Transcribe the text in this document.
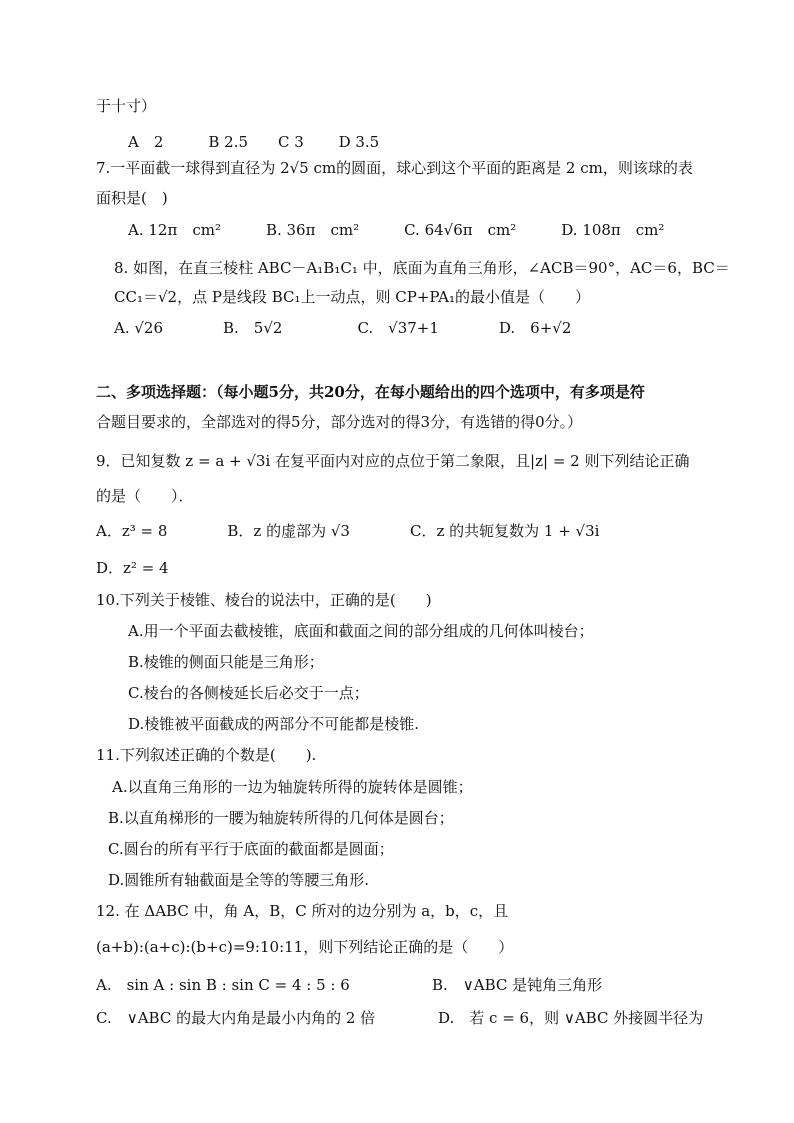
于十寸）
A　2　　　B 2.5　　C 3　　 D 3.5
7.一平面截一球得到直径为 2√5 cm的圆面，球心到这个平面的距离是 2 cm，则该球的表
面积是(　)
A. 12π　cm²　　　B. 36π　cm²　　　C. 64√6π　cm²　　　D. 108π　cm²
8. 如图，在直三棱柱 ABC－A₁B₁C₁ 中，底面为直角三角形，∠ACB＝90°，AC＝6，BC＝
CC₁＝√2，点 P是线段 BC₁上一动点，则 CP+PA₁的最小值是（　　）
A. √26　　　　B.　5√2　　　　　C.　√37+1　　　　D.　6+√2
二、多项选择题：（每小题5分，共20分，在每小题给出的四个选项中，有多项是符
合题目要求的，全部选对的得5分，部分选对的得3分，有选错的得0分。）
9．已知复数 z = a + √3i 在复平面内对应的点位于第二象限，且|z| = 2 则下列结论正确
的是（　　）．
A．z³ = 8　　　　B．z 的虚部为 √3　　　　C．z 的共轭复数为 1 + √3i
D．z² = 4
10.下列关于棱锥、棱台的说法中，正确的是(　　)
A.用一个平面去截棱锥，底面和截面之间的部分组成的几何体叫棱台；
B.棱锥的侧面只能是三角形；
C.棱台的各侧棱延长后必交于一点；
D.棱锥被平面截成的两部分不可能都是棱锥.
11.下列叙述正确的个数是(　　).
A.以直角三角形的一边为轴旋转所得的旋转体是圆锥；
B.以直角梯形的一腰为轴旋转所得的几何体是圆台；
C.圆台的所有平行于底面的截面都是圆面；
D.圆锥所有轴截面是全等的等腰三角形.
12. 在 ΔABC 中，角 A，B，C 所对的边分别为 a，b，c，且
(a+b):(a+c):(b+c)=9:10:11，则下列结论正确的是（　　）
A.　sin A : sin B : sin C = 4 : 5 : 6	B.　∨ABC 是钝角三角形
C.　∨ABC 的最大内角是最小内角的 2 倍	D.　若 c = 6，则 ∨ABC 外接圆半径为
